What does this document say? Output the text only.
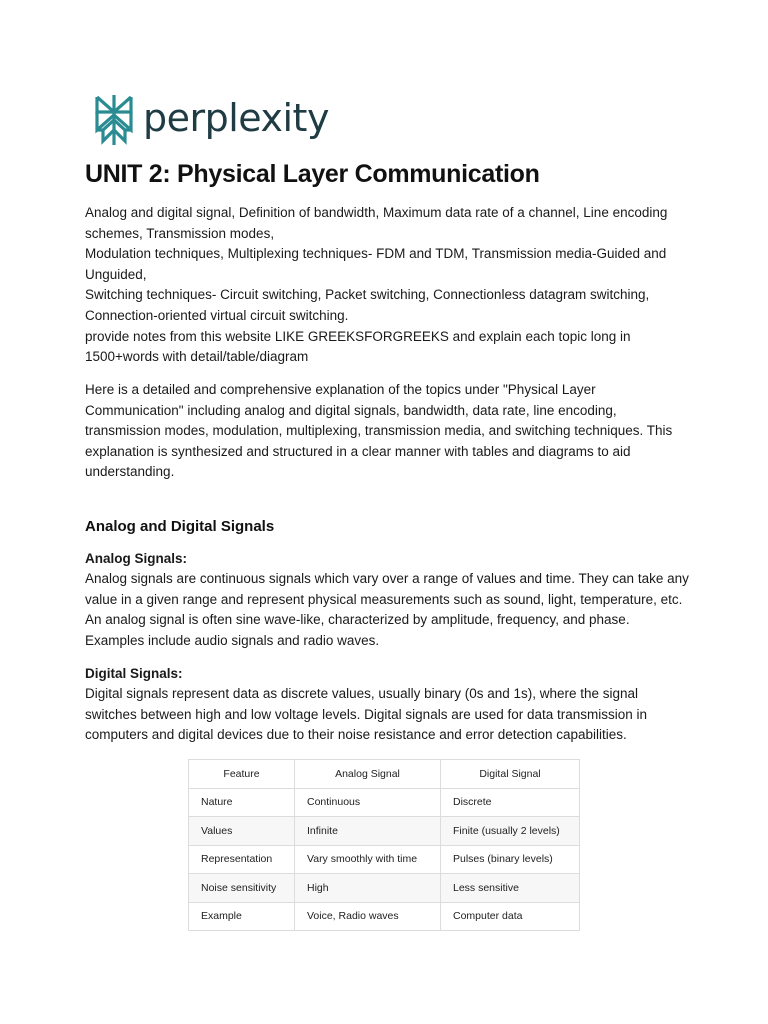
perplexity
UNIT 2: Physical Layer Communication
Analog and digital signal, Definition of bandwidth, Maximum data rate of a channel, Line encoding schemes, Transmission modes,
Modulation techniques, Multiplexing techniques- FDM and TDM, Transmission media-Guided and Unguided,
Switching techniques- Circuit switching, Packet switching, Connectionless datagram switching, Connection-oriented virtual circuit switching.
provide notes from this website LIKE GREEKSFORGREEKS and explain each topic long in 1500+words with detail/table/diagram
Here is a detailed and comprehensive explanation of the topics under "Physical Layer Communication" including analog and digital signals, bandwidth, data rate, line encoding, transmission modes, modulation, multiplexing, transmission media, and switching techniques. This explanation is synthesized and structured in a clear manner with tables and diagrams to aid understanding.
Analog and Digital Signals
Analog Signals:
Analog signals are continuous signals which vary over a range of values and time. They can take any value in a given range and represent physical measurements such as sound, light, temperature, etc. An analog signal is often sine wave-like, characterized by amplitude, frequency, and phase. Examples include audio signals and radio waves.
Digital Signals:
Digital signals represent data as discrete values, usually binary (0s and 1s), where the signal switches between high and low voltage levels. Digital signals are used for data transmission in computers and digital devices due to their noise resistance and error detection capabilities.
Feature	Analog Signal	Digital Signal
Nature	Continuous	Discrete
Values	Infinite	Finite (usually 2 levels)
Representation	Vary smoothly with time	Pulses (binary levels)
Noise sensitivity	High	Less sensitive
Example	Voice, Radio waves	Computer data
